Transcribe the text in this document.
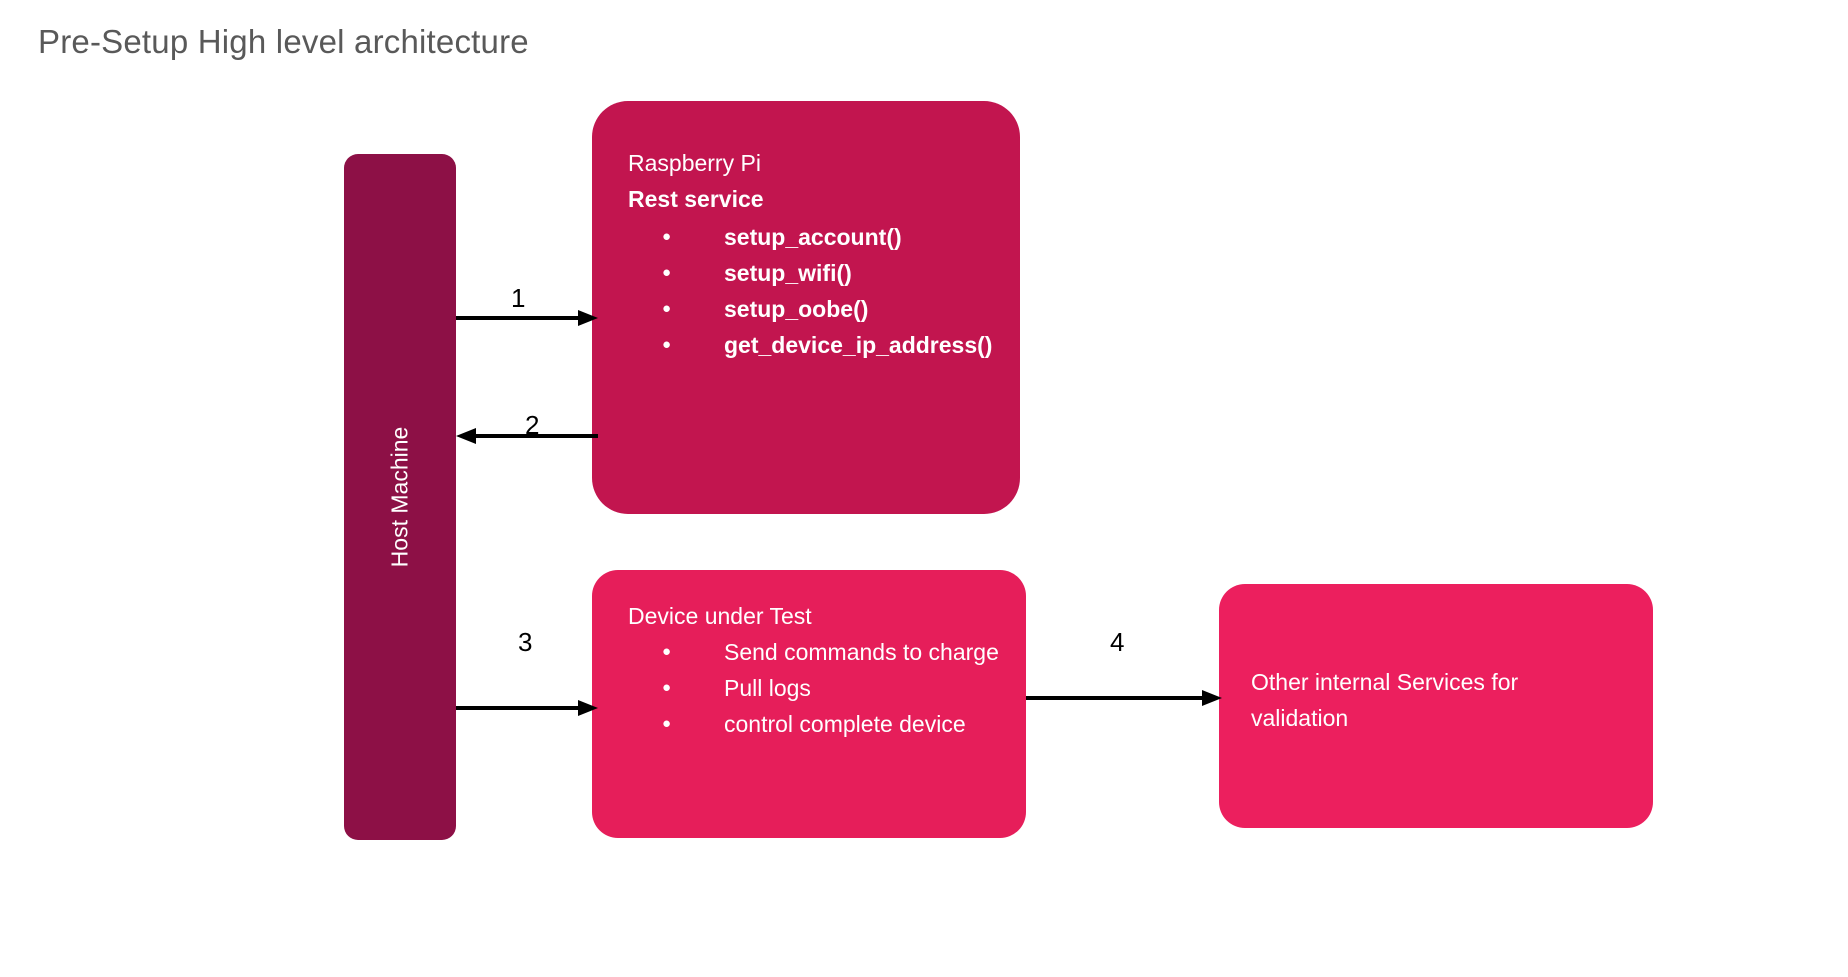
Pre-Setup High level architecture
Host Machine
Raspberry Pi
Rest service
● setup_account()
● setup_wifi()
● setup_oobe()
● get_device_ip_address()
Device under Test
● Send commands to charge
● Pull logs
● control complete device
Other internal Services for validation
1
2
3	4
